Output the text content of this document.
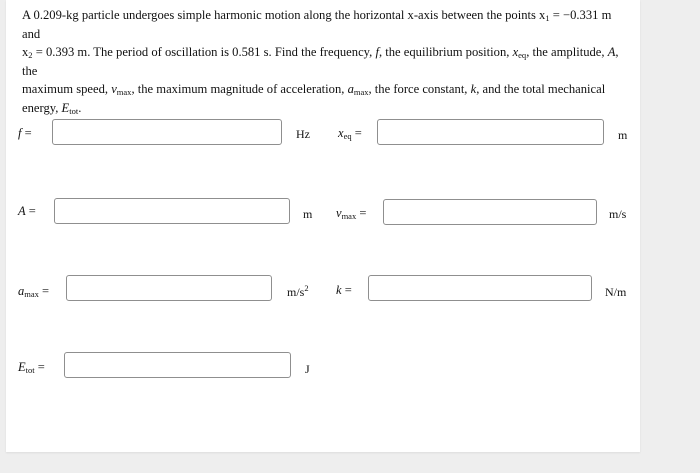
A 0.209-kg particle undergoes simple harmonic motion along the horizontal x-axis between the points $x_1 = -0.331$ m and
$x_2 = 0.393$ m. The period of oscillation is 0.581 s. Find the frequency, f, the equilibrium position, $x_{eq}$, the amplitude, A, the
maximum speed, $v_{max}$, the maximum magnitude of acceleration, $a_{max}$, the force constant, k, and the total mechanical
energy, $E_{tot}$.
f =	Hz $x_{eq}$ =	m
A =	m $v_{max}$ =	m/s
$a_{max}$ =	$m/s^2$ k =	N/m
$E_{tot}$ =	J
